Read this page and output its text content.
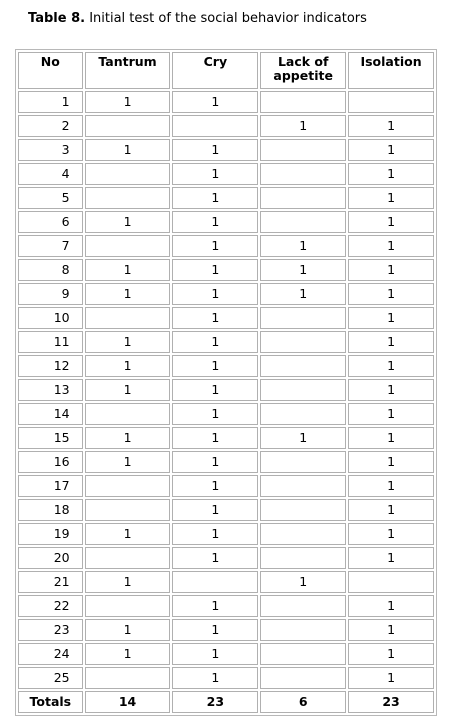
Table 8. Initial test of the social behavior indicators
No	Tantrum	Cry	Lack of appetite	Isolation
1	1	1		
2			1	1
3	1	1		1
4		1		1
5		1		1
6	1	1		1
7		1	1	1
8	1	1	1	1
9	1	1	1	1
10		1		1
11	1	1		1
12	1	1		1
13	1	1		1
14		1		1
15	1	1	1	1
16	1	1		1
17		1		1
18		1		1
19	1	1		1
20		1		1
21	1		1	
22		1		1
23	1	1		1
24	1	1		1
25		1		1
Totals	14	23	6	23
